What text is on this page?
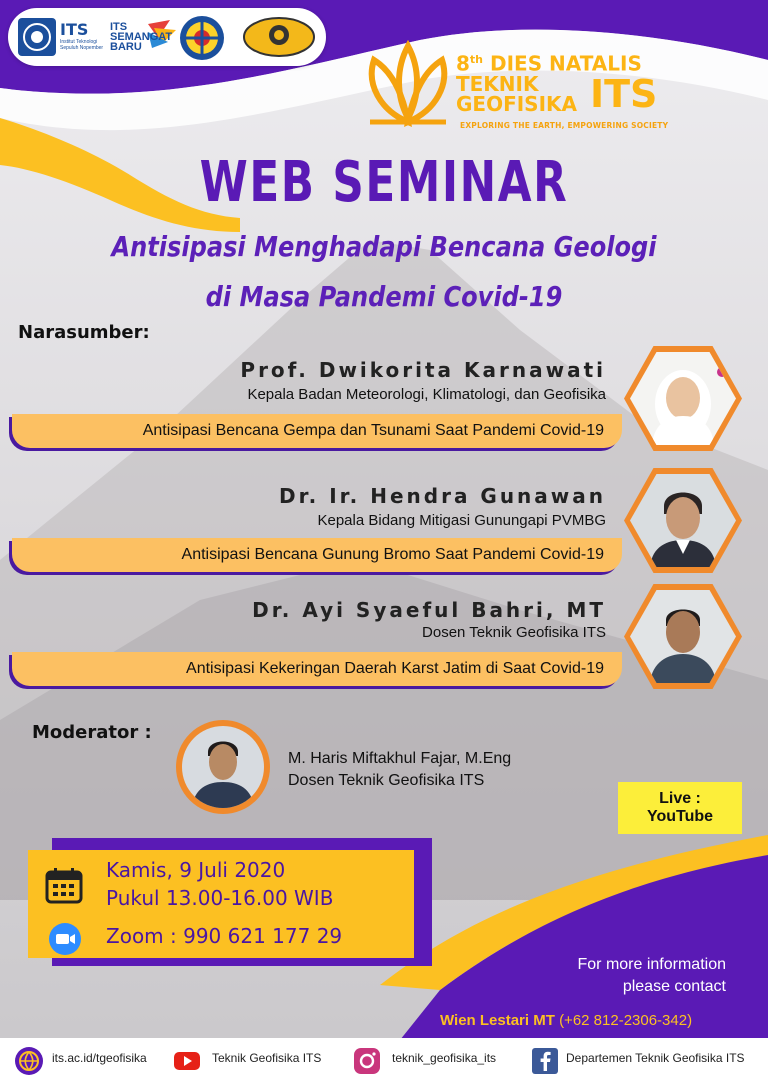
ITS
Institut Teknologi Sepuluh Nopember
ITS
SEMANGAT
BARU
8th DIES NATALIS
TEKNIK
GEOFISIKA ITS
EXPLORING THE EARTH, EMPOWERING SOCIETY
WEB SEMINAR
Antisipasi Menghadapi Bencana Geologi
di Masa Pandemi Covid-19
Narasumber:
Antisipasi Bencana Gempa dan Tsunami Saat Pandemi Covid-19
Prof. Dwikorita Karnawati
Kepala Badan Meteorologi, Klimatologi, dan Geofisika
Antisipasi Bencana Gunung Bromo Saat Pandemi Covid-19
Dr. Ir. Hendra Gunawan
Kepala Bidang Mitigasi Gunungapi PVMBG
Antisipasi Kekeringan Daerah Karst Jatim di Saat Covid-19
Dr. Ayi Syaeful Bahri, MT
Dosen Teknik Geofisika ITS
Moderator :
M. Haris Miftakhul Fajar, M.Eng
Dosen Teknik Geofisika ITS
Live :
YouTube
Kamis, 9 Juli 2020
Pukul 13.00-16.00 WIB
Zoom : 990 621 177 29
For more information
please contact
Wien Lestari MT (+62 812-2306-342)
its.ac.id/tgeofisika	Teknik Geofisika ITS	teknik_geofisika_its	Departemen Teknik Geofisika ITS
